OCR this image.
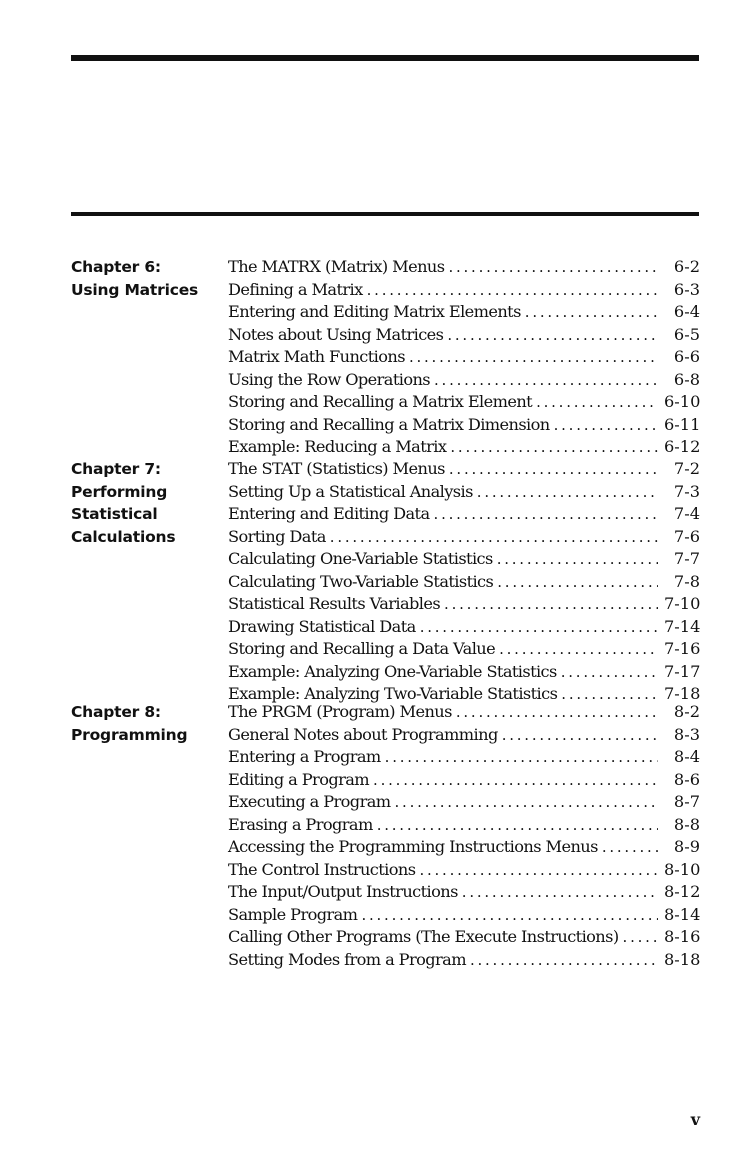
Chapter 6:
Using Matrices
The MATRX (Matrix) Menus . . .	6-2
Defining a Matrix . . .	6-3
Entering and Editing Matrix Elements . . .	6-4
Notes about Using Matrices . . .	6-5
Matrix Math Functions . . .	6-6
Using the Row Operations . . .	6-8
Storing and Recalling a Matrix Element . . .	6-10
Storing and Recalling a Matrix Dimension . . .	6-11
Example: Reducing a Matrix . . .	6-12
Chapter 7:
Performing
Statistical
Calculations
The STAT (Statistics) Menus . . .	7-2
Setting Up a Statistical Analysis . . .	7-3
Entering and Editing Data . . .	7-4
Sorting Data . . .	7-6
Calculating One-Variable Statistics . . .	7-7
Calculating Two-Variable Statistics . . .	7-8
Statistical Results Variables . . .	7-10
Drawing Statistical Data . . .	7-14
Storing and Recalling a Data Value . . .	7-16
Example: Analyzing One-Variable Statistics . . .	7-17
Example: Analyzing Two-Variable Statistics . . .	7-18
Chapter 8:
Programming
The PRGM (Program) Menus . . .	8-2
General Notes about Programming . . .	8-3
Entering a Program . . .	8-4
Editing a Program . . .	8-6
Executing a Program . . .	8-7
Erasing a Program . . .	8-8
Accessing the Programming Instructions Menus . . .	8-9
The Control Instructions . . .	8-10
The Input/Output Instructions . . .	8-12
Sample Program . . .	8-14
Calling Other Programs (The Execute Instructions) . . .	8-16
Setting Modes from a Program . . .	8-18
v
